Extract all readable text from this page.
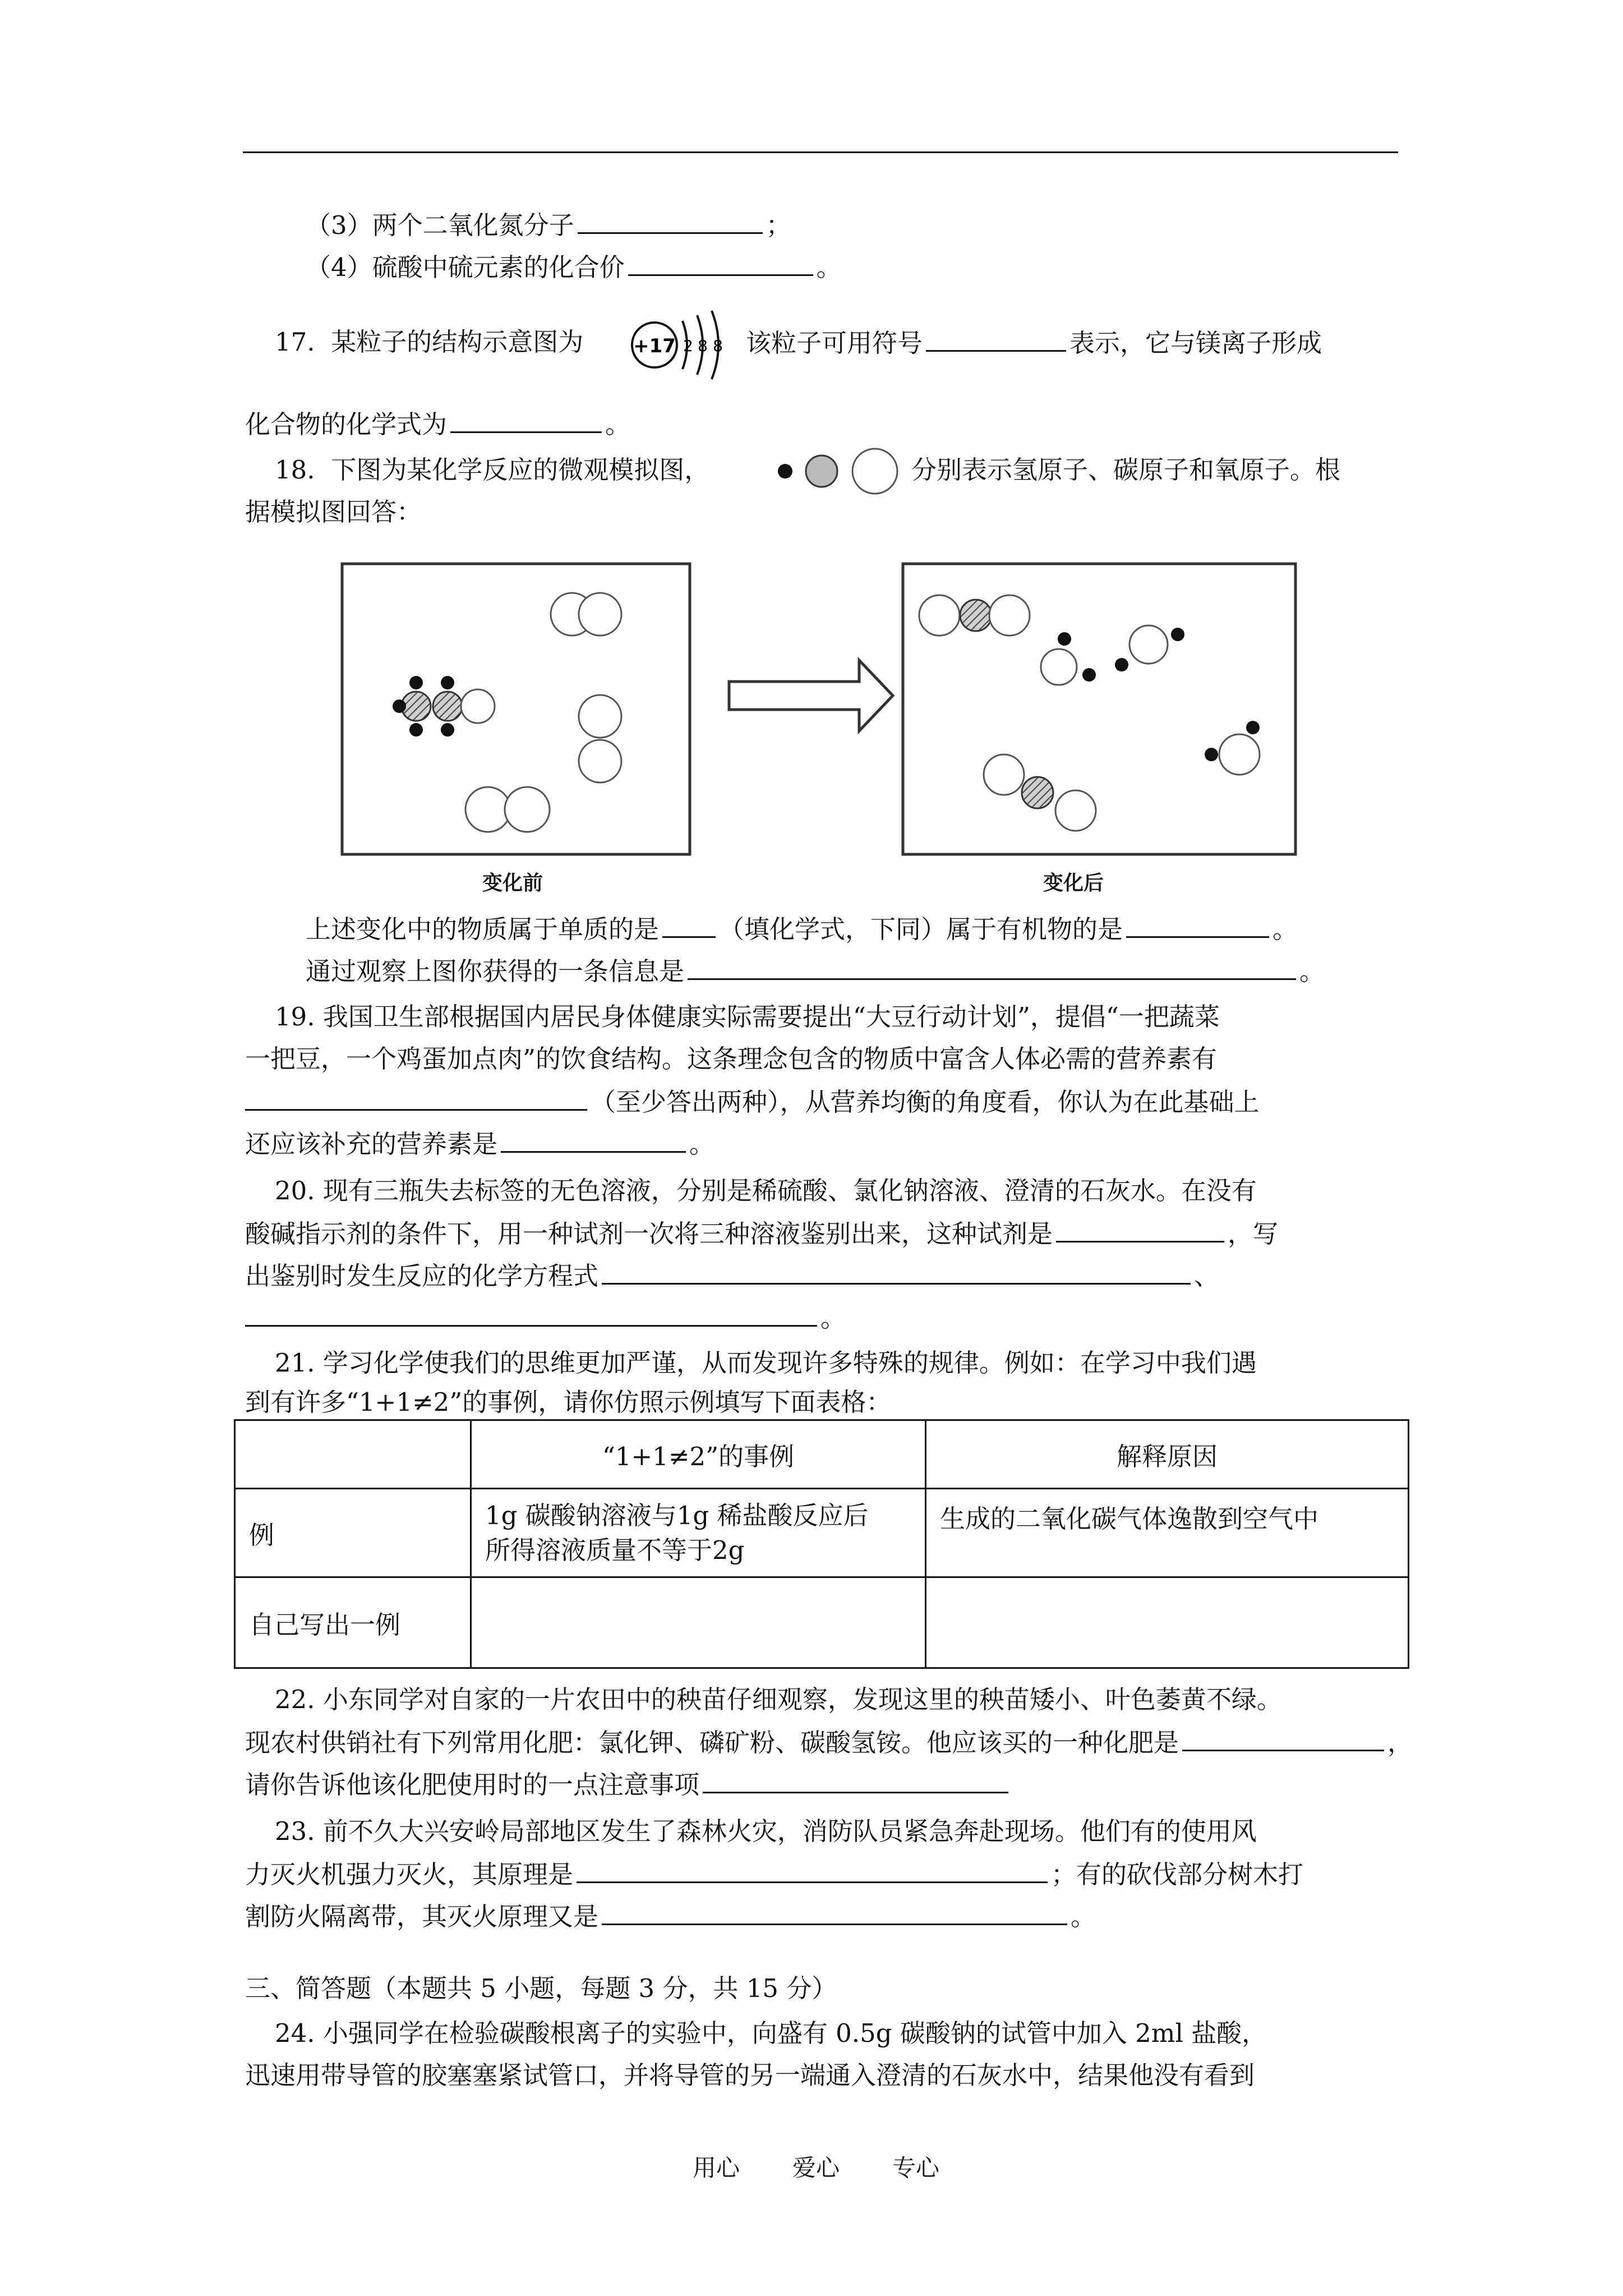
（3）两个二氧化氮分子	；
（4）硫酸中硫元素的化合价	。
17. 某粒子的结构示意图为	+17 2 8 8 该粒子可用符号	表示，它与镁离子形成
化合物的化学式为	。
18. 下图为某化学反应的微观模拟图，	分别表示氢原子、碳原子和氧原子。根
据模拟图回答：
变化前	变化后
上述变化中的物质属于单质的是 （填化学式，下同）属于有机物的是	。
通过观察上图你获得的一条信息是	。
19. 我国卫生部根据国内居民身体健康实际需要提出“大豆行动计划”，提倡“一把蔬菜
一把豆，一个鸡蛋加点肉”的饮食结构。这条理念包含的物质中富含人体必需的营养素有
（至少答出两种），从营养均衡的角度看，你认为在此基础上
还应该补充的营养素是	。
20. 现有三瓶失去标签的无色溶液，分别是稀硫酸、氯化钠溶液、澄清的石灰水。在没有
酸碱指示剂的条件下，用一种试剂一次将三种溶液鉴别出来，这种试剂是	，写
出鉴别时发生反应的化学方程式	、
。
21. 学习化学使我们的思维更加严谨，从而发现许多特殊的规律。例如：在学习中我们遇
到有许多“1+1≠2”的事例，请你仿照示例填写下面表格：
	“1+1≠2”的事例	解释原因
例	1g 碳酸钠溶液与1g 稀盐酸反应后
所得溶液质量不等于2g	生成的二氧化碳气体逸散到空气中
自己写出一例		
22. 小东同学对自家的一片农田中的秧苗仔细观察，发现这里的秧苗矮小、叶色萎黄不绿。
现农村供销社有下列常用化肥：氯化钾、磷矿粉、碳酸氢铵。他应该买的一种化肥是	，
请你告诉他该化肥使用时的一点注意事项
23. 前不久大兴安岭局部地区发生了森林火灾，消防队员紧急奔赴现场。他们有的使用风
力灭火机强力灭火，其原理是	；有的砍伐部分树木打
割防火隔离带，其灭火原理又是	。
三、简答题（本题共 5 小题，每题 3 分，共 15 分）
24. 小强同学在检验碳酸根离子的实验中，向盛有 0.5g 碳酸钠的试管中加入 2ml 盐酸，
迅速用带导管的胶塞塞紧试管口，并将导管的另一端通入澄清的石灰水中，结果他没有看到
用心 爱心 专心
